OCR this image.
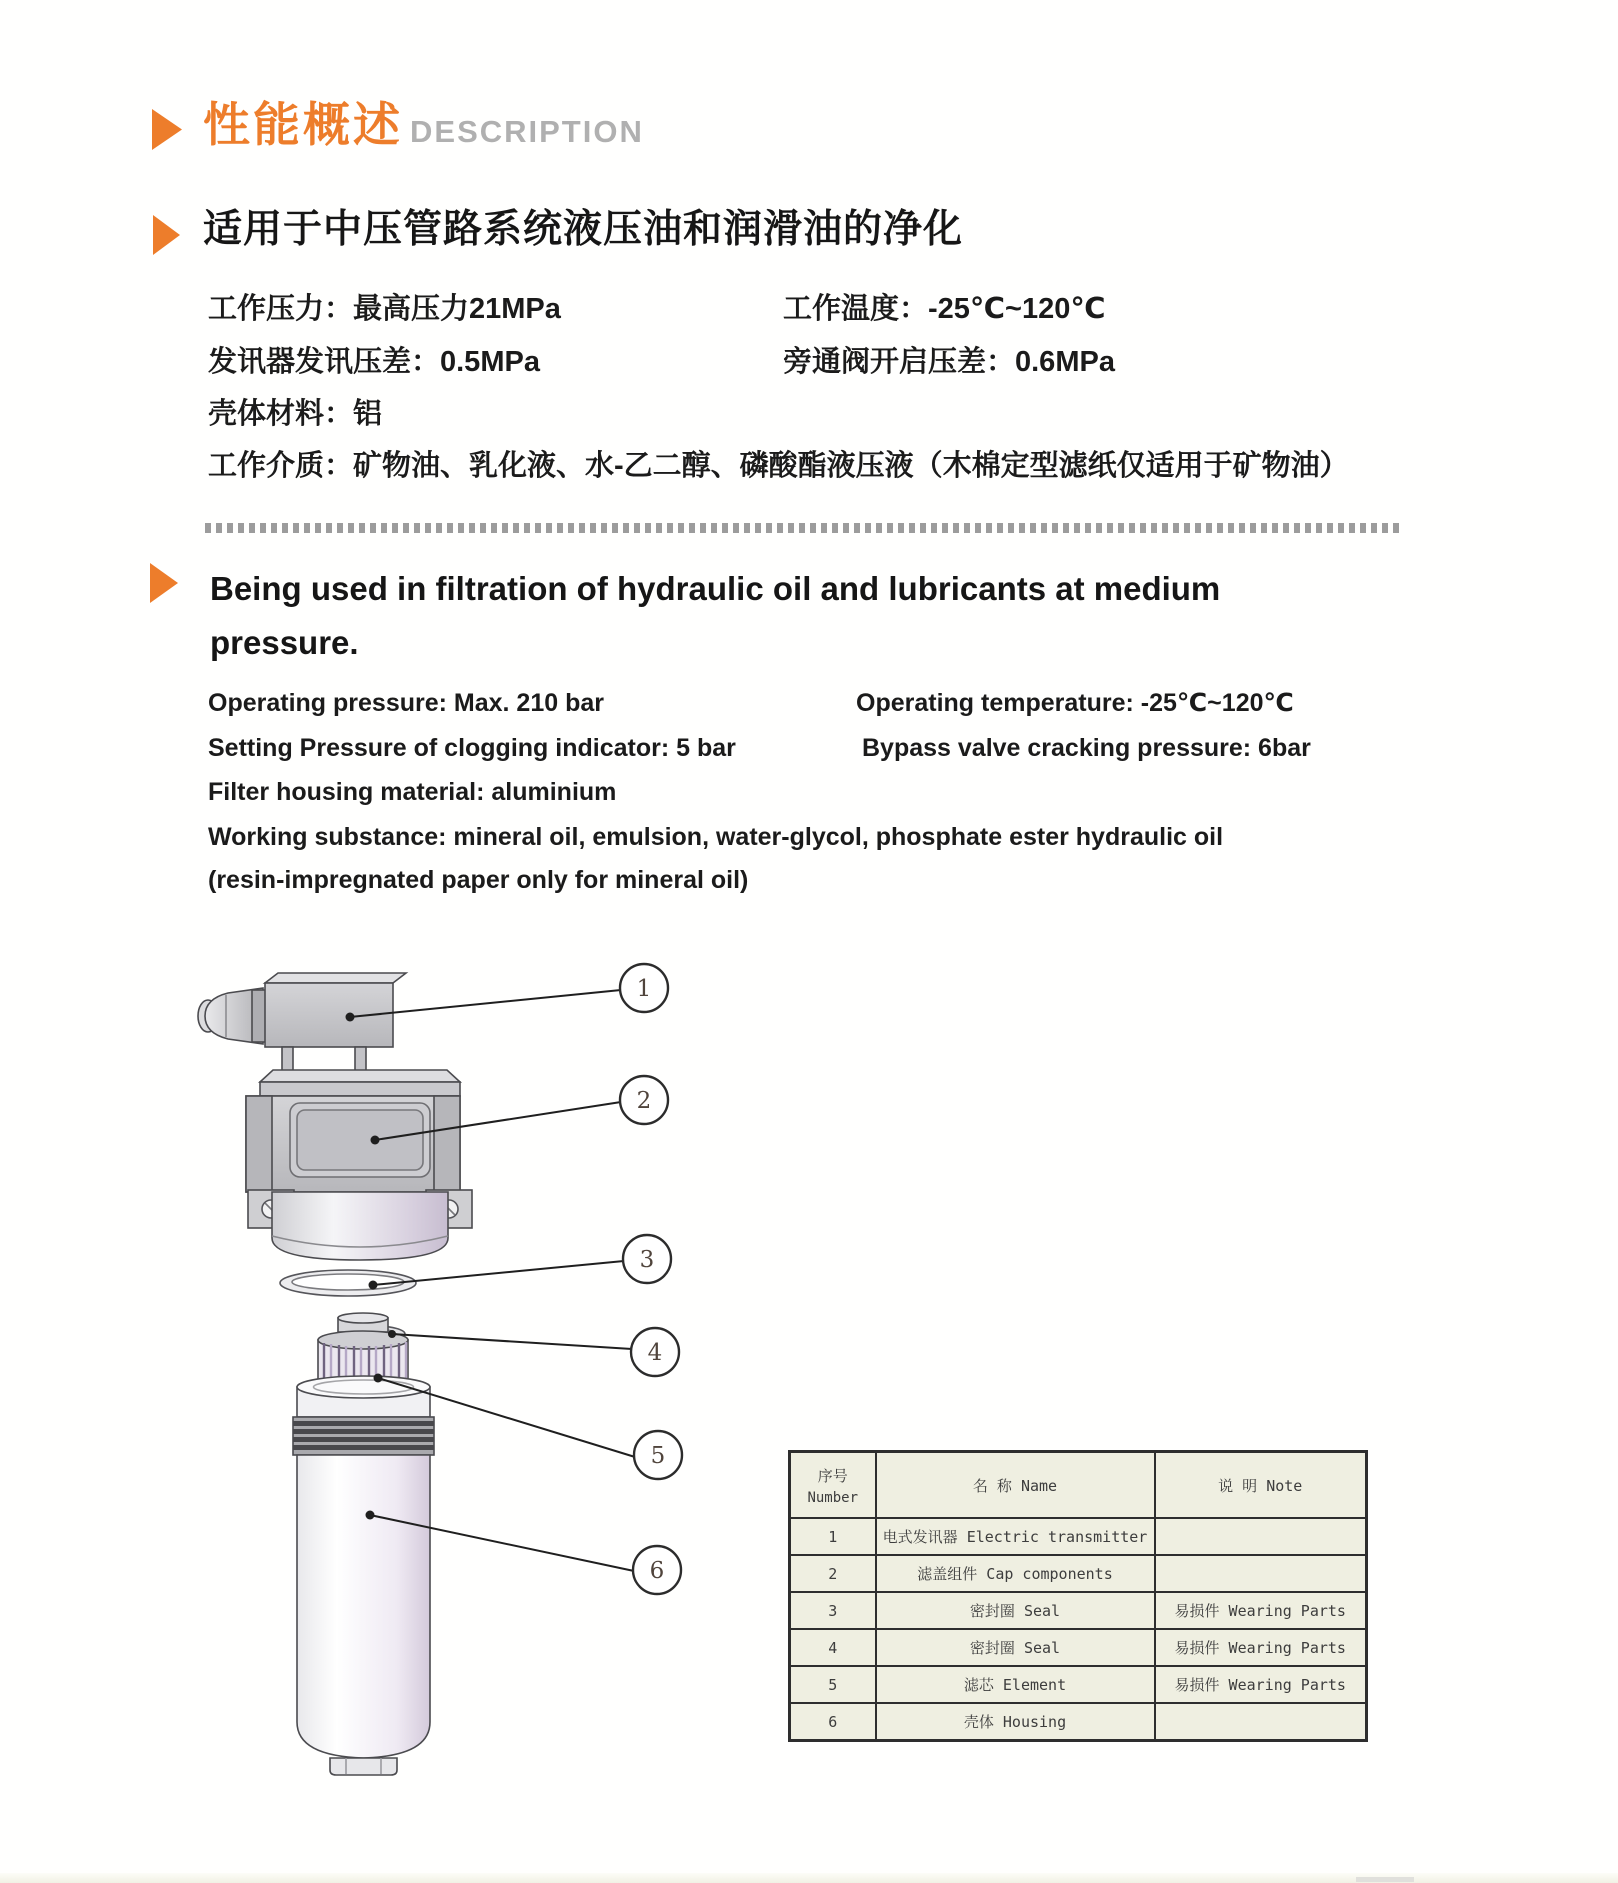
性能概述 DESCRIPTION
适用于中压管路系统液压油和润滑油的净化
工作压力：最高压力21MPa	工作温度：-25℃~120℃
发讯器发讯压差：0.5MPa	旁通阀开启压差：0.6MPa
壳体材料：铝
工作介质：矿物油、乳化液、水-乙二醇、磷酸酯液压液（木棉定型滤纸仅适用于矿物油）
Being used in filtration of hydraulic oil and lubricants at medium
pressure.
Operating pressure: Max. 210 bar	Operating temperature: -25℃~120℃
Setting Pressure of clogging indicator: 5 bar	Bypass valve cracking pressure: 6bar
Filter housing material: aluminium
Working substance: mineral oil, emulsion, water-glycol, phosphate ester hydraulic oil
(resin-impregnated paper only for mineral oil)
1
2
3
4
5
6
序号
Number	名 称 Name	说 明 Note
1	电式发讯器 Electric transmitter	
2	滤盖组件 Cap components	
3	密封圈 Seal	易损件 Wearing Parts
4	密封圈 Seal	易损件 Wearing Parts
5	滤芯 Element	易损件 Wearing Parts
6	壳体 Housing	
